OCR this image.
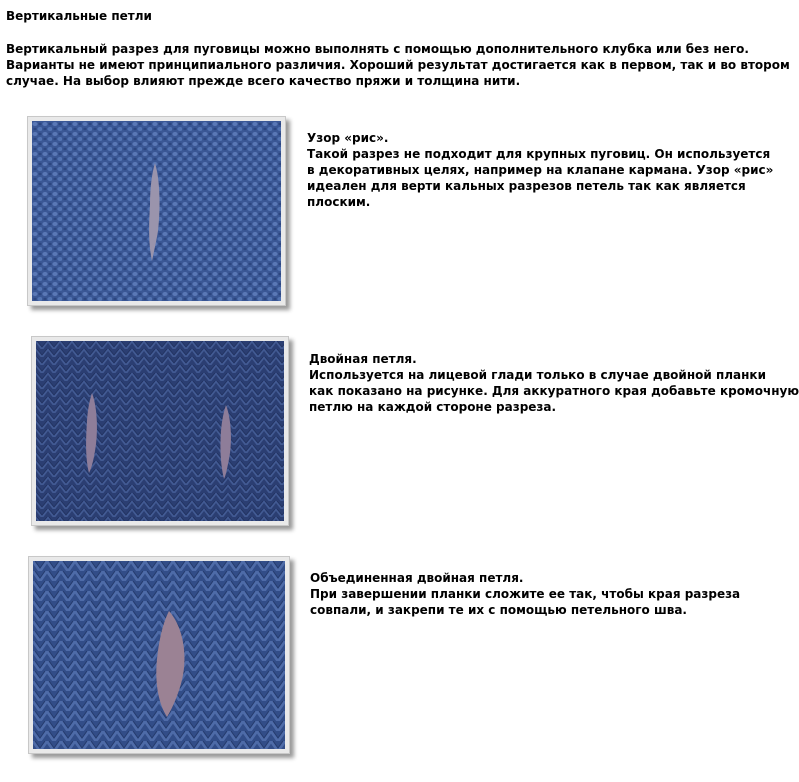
Вертикальные петли
Вертикальный разрез для пуговицы можно выполнять с помощью дополнительного клубка или без него.
Варианты не имеют принципиального различия. Хороший результат достигается как в первом, так и во втором
случае. На выбор влияют прежде всего качество пряжи и толщина нити.
Узор «рис».
Такой разрез не подходит для крупных пуговиц. Он используется
в декоративных целях, например на клапане кармана. Узор «рис»
идеален для верти кальных разрезов петель так как является
плоским.
Двойная петля.
Используется на лицевой глади только в случае двойной планки
как показано на рисунке. Для аккуратного края добавьте кромочную
петлю на каждой стороне разреза.
Объединенная двойная петля.
При завершении планки сложите ее так, чтобы края разреза
совпали, и закрепи те их с помощью петельного шва.
